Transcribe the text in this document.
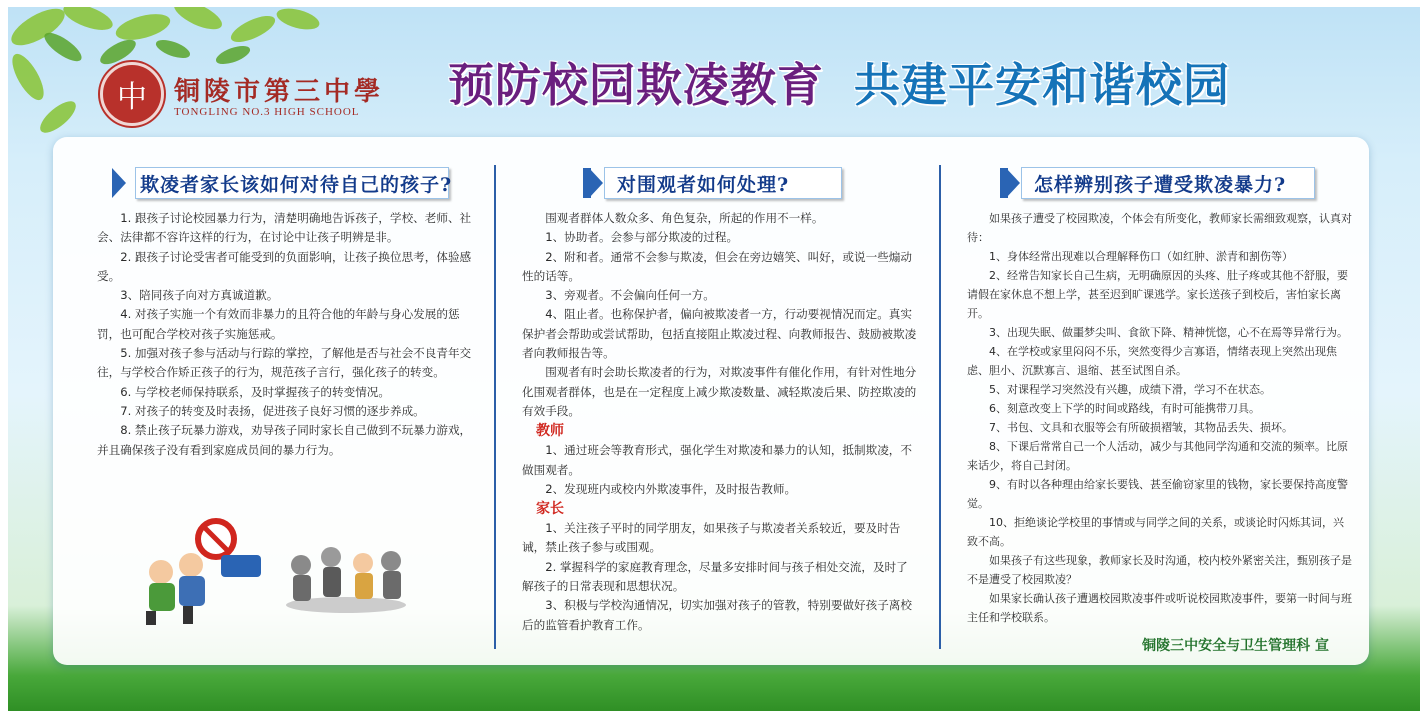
中	铜陵市第三中學
TONGLING NO.3 HIGH SCHOOL	预防校园欺凌教育 共建平安和谐校园
欺凌者家长该如何对待自己的孩子?

1. 跟孩子讨论校园暴力行为，清楚明确地告诉孩子，学校、老师、社会、法律都不容许这样的行为，在讨论中让孩子明辨是非。

2. 跟孩子讨论受害者可能受到的负面影响，让孩子换位思考，体验感受。

3、陪同孩子向对方真诚道歉。

4. 对孩子实施一个有效而非暴力的且符合他的年龄与身心发展的惩罚，也可配合学校对孩子实施惩戒。

5. 加强对孩子参与活动与行踪的掌控，了解他是否与社会不良青年交往，与学校合作矫正孩子的行为，规范孩子言行，强化孩子的转变。

6. 与学校老师保持联系，及时掌握孩子的转变情况。

7. 对孩子的转变及时表扬，促进孩子良好习惯的逐步养成。

8. 禁止孩子玩暴力游戏，劝导孩子同时家长自己做到不玩暴力游戏，并且确保孩子没有看到家庭成员间的暴力行为。

对围观者如何处理?

围观者群体人数众多、角色复杂，所起的作用不一样。

1、协助者。会参与部分欺凌的过程。

2、附和者。通常不会参与欺凌，但会在旁边嬉笑、叫好，或说一些煽动性的话等。

3、旁观者。不会偏向任何一方。

4、阻止者。也称保护者，偏向被欺凌者一方，行动要视情况而定。真实保护者会帮助或尝试帮助，包括直接阻止欺凌过程、向教师报告、鼓励被欺凌者向教师报告等。

围观者有时会助长欺凌者的行为，对欺凌事件有催化作用，有针对性地分化围观者群体，也是在一定程度上减少欺凌数量、减轻欺凌后果、防控欺凌的有效手段。

教师

1、通过班会等教育形式，强化学生对欺凌和暴力的认知，抵制欺凌，不做围观者。

2、发现班内或校内外欺凌事件，及时报告教师。

家长

1、关注孩子平时的同学朋友，如果孩子与欺凌者关系较近，要及时告诫，禁止孩子参与或围观。

2. 掌握科学的家庭教育理念，尽量多安排时间与孩子相处交流，及时了解孩子的日常表现和思想状况。

3、积极与学校沟通情况，切实加强对孩子的管教，特别要做好孩子离校后的监管看护教育工作。

怎样辨别孩子遭受欺凌暴力?

如果孩子遭受了校园欺凌，个体会有所变化，教师家长需细致观察，认真对待：

1、身体经常出现难以合理解释伤口（如红肿、淤青和割伤等）

2、经常告知家长自己生病，无明确原因的头疼、肚子疼或其他不舒服，要请假在家休息不想上学，甚至迟到旷课逃学。家长送孩子到校后，害怕家长离开。

3、出现失眠、做噩梦尖叫、食欲下降、精神恍惚，心不在焉等异常行为。

4、在学校或家里闷闷不乐，突然变得少言寡语，情绪表现上突然出现焦虑、胆小、沉默寡言、退缩、甚至试图自杀。

5、对课程学习突然没有兴趣，成绩下滑，学习不在状态。

6、刻意改变上下学的时间或路线，有时可能携带刀具。

7、书包、文具和衣服等会有所破损褶皱，其物品丢失、损坏。

8、下课后常常自己一个人活动，减少与其他同学沟通和交流的频率。比原来话少，将自己封闭。

9、有时以各种理由给家长要钱、甚至偷窃家里的钱物，家长要保持高度警觉。

10、拒绝谈论学校里的事情或与同学之间的关系，或谈论时闪烁其词，兴致不高。

如果孩子有这些现象，教师家长及时沟通，校内校外紧密关注，甄别孩子是不是遭受了校园欺凌？

如果家长确认孩子遭遇校园欺凌事件或听说校园欺凌事件，要第一时间与班主任和学校联系。

铜陵三中安全与卫生管理科 宣
